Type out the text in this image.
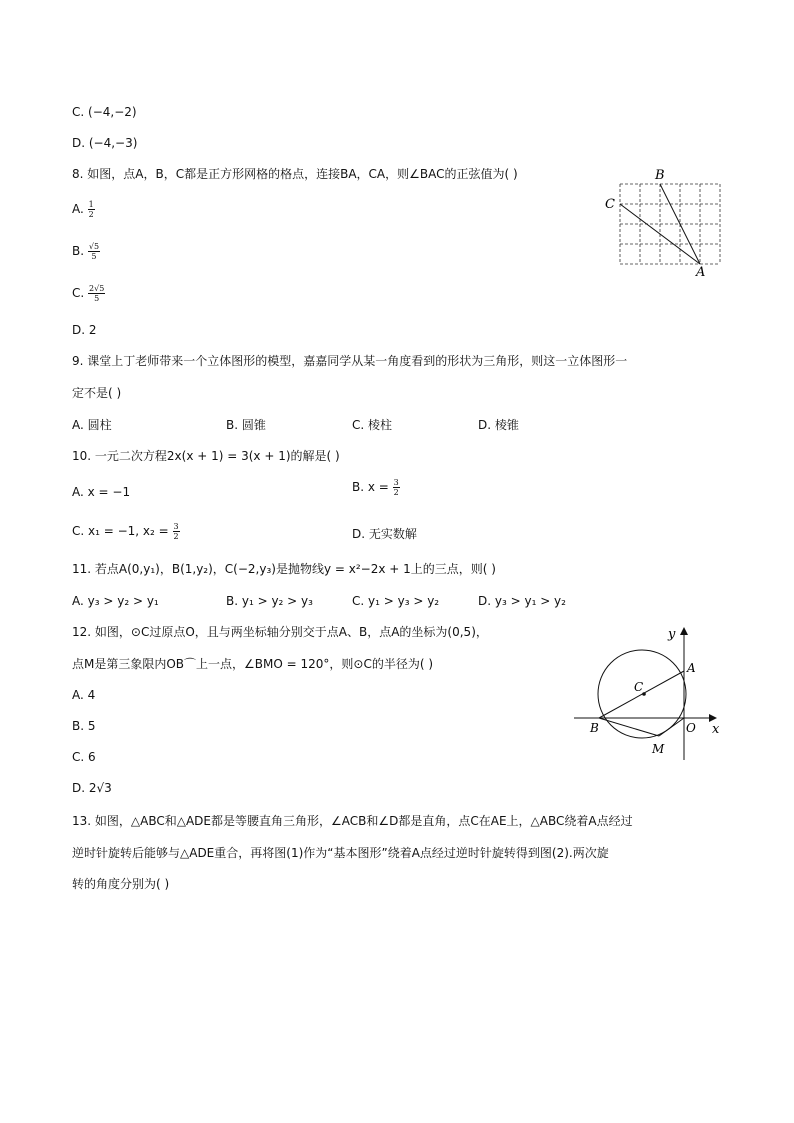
C. (−4,−2)
D. (−4,−3)
8. 如图，点A，B，C都是正方形网格的格点，连接BA，CA，则∠BAC的正弦值为( )
A. $\frac{1}{2}$
B. $\frac{√5}{5}$
C. $\frac{2√5}{5}$
D. 2
B
C
A
9. 课堂上丁老师带来一个立体图形的模型，嘉嘉同学从某一角度看到的形状为三角形，则这一立体图形一
定不是( )
A. 圆柱	B. 圆锥	C. 棱柱	D. 棱锥
10. 一元二次方程2x(x + 1) = 3(x + 1)的解是( )
A. x = −1	B. $x = \frac{3}{2}$
C. x₁ = −1, $x_2 = \frac{3}{2}$	D. 无实数解
11. 若点A(0,y₁)，B(1,y₂)，C(−2,y₃)是抛物线y = x²−2x + 1上的三点，则( )
A. y₃ > y₂ > y₁	B. y₁ > y₂ > y₃	C. y₁ > y₃ > y₂	D. y₃ > y₁ > y₂
12. 如图，⊙C过原点O，且与两坐标轴分别交于点A、B，点A的坐标为(0,5)，
点M是第三象限内OB⌒上一点，∠BMO = 120°，则⊙C的半径为( )
A. 4
B. 5
C. 6
D. 2√3
y
x
A
C
B	O
M
13. 如图，△ABC和△ADE都是等腰直角三角形，∠ACB和∠D都是直角，点C在AE上，△ABC绕着A点经过
逆时针旋转后能够与△ADE重合，再将图(1)作为“基本图形”绕着A点经过逆时针旋转得到图(2).两次旋
转的角度分别为( )
